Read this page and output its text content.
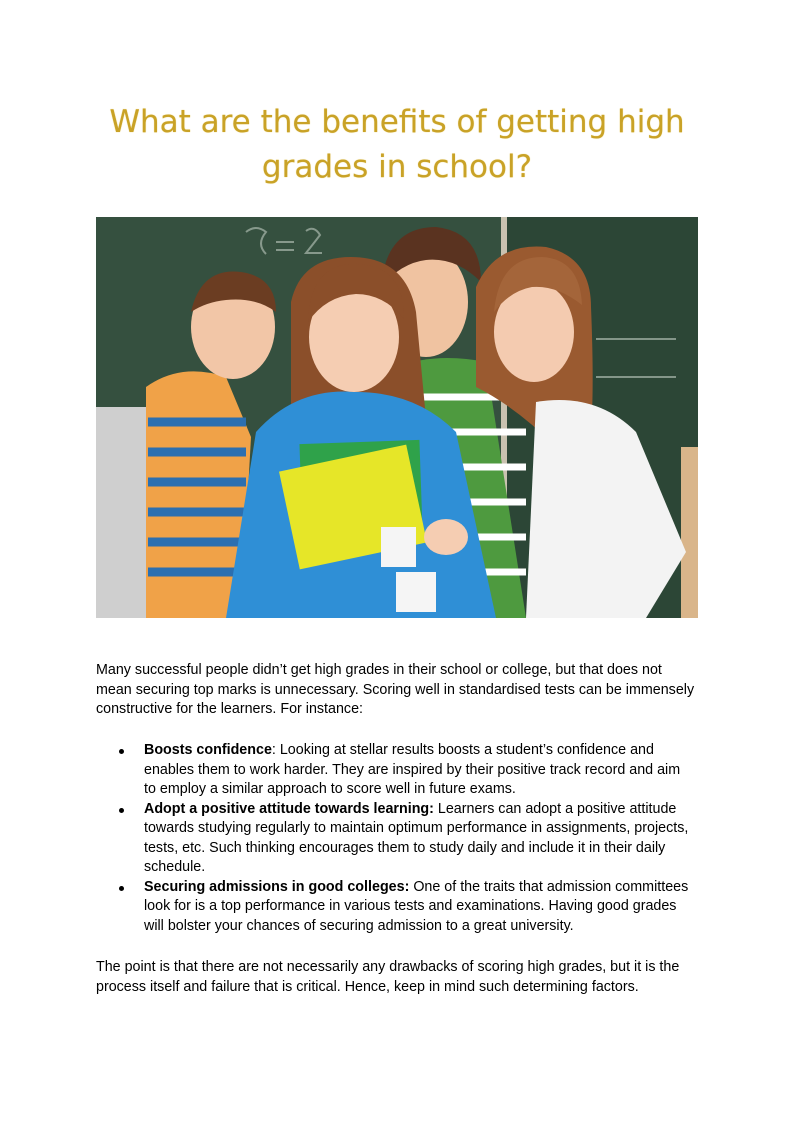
What are the benefits of getting high grades in school?

Many successful people didn’t get high grades in their school or college, but that does not mean securing top marks is unnecessary. Scoring well in standardised tests can be immensely constructive for the learners. For instance:

Boosts confidence: Looking at stellar results boosts a student’s confidence and enables them to work harder. They are inspired by their positive track record and aim to employ a similar approach to score well in future exams.
Adopt a positive attitude towards learning: Learners can adopt a positive attitude towards studying regularly to maintain optimum performance in assignments, projects, tests, etc. Such thinking encourages them to study daily and include it in their daily schedule.
Securing admissions in good colleges: One of the traits that admission committees look for is a top performance in various tests and examinations. Having good grades will bolster your chances of securing admission to a great university.

The point is that there are not necessarily any drawbacks of scoring high grades, but it is the process itself and failure that is critical. Hence, keep in mind such determining factors.
